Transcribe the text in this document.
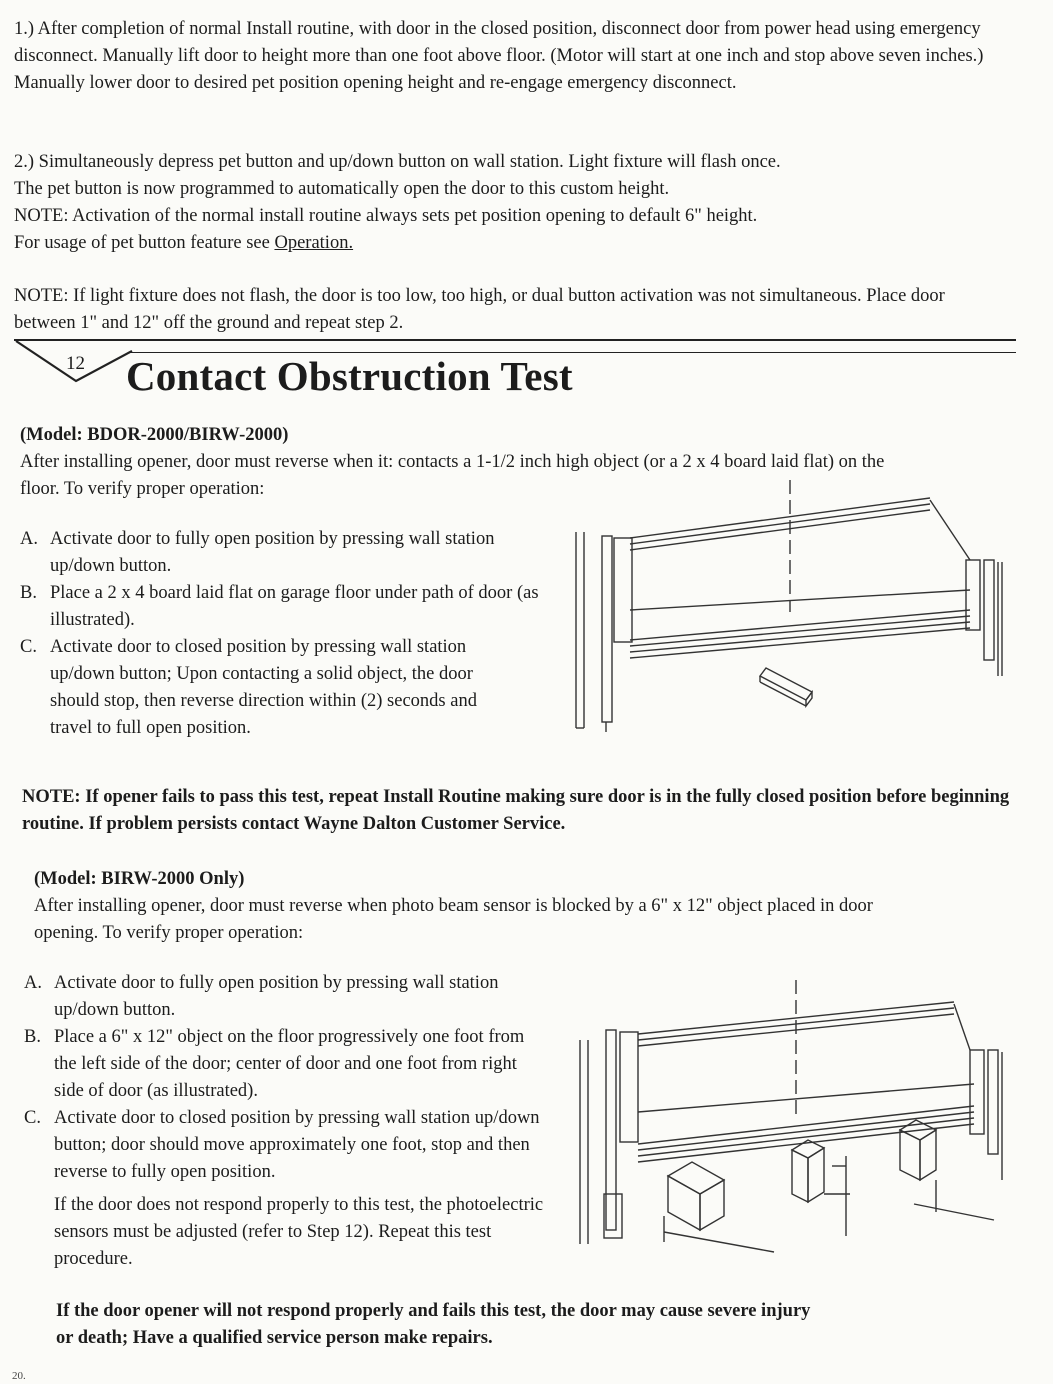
1.) After completion of normal Install routine, with door in the closed position, disconnect door from power head using emergency disconnect. Manually lift door to height more than one foot above floor. (Motor will start at one inch and stop above seven inches.) Manually lower door to desired pet position opening height and re-engage emergency disconnect.

2.) Simultaneously depress pet button and up/down button on wall station. Light fixture will flash once.

The pet button is now programmed to automatically open the door to this custom height.

NOTE: Activation of the normal install routine always sets pet position opening to default 6" height.

For usage of pet button feature see Operation.

NOTE: If light fixture does not flash, the door is too low, too high, or dual button activation was not simultaneous. Place door between 1" and 12" off the ground and repeat step 2.

12 Contact Obstruction Test

(Model: BDOR-2000/BIRW-2000)

After installing opener, door must reverse when it: contacts a 1-1/2 inch high object (or a 2 x 4 board laid flat) on the floor. To verify proper operation:

A. Activate door to fully open position by pressing wall station up/down button.
B. Place a 2 x 4 board laid flat on garage floor under path of door (as illustrated).
C. Activate door to closed position by pressing wall station up/down button; Upon contacting a solid object, the door should stop, then reverse direction within (2) seconds and travel to full open position.
NOTE: If opener fails to pass this test, repeat Install Routine making sure door is in the fully closed position before beginning routine. If problem persists contact Wayne Dalton Customer Service.

(Model: BIRW-2000 Only)

After installing opener, door must reverse when photo beam sensor is blocked by a 6" x 12" object placed in door opening. To verify proper operation:

A. Activate door to fully open position by pressing wall station up/down button.
B. Place a 6" x 12" object on the floor progressively one foot from the left side of the door; center of door and one foot from right side of door (as illustrated).
C. Activate door to closed position by pressing wall station up/down button; door should move approximately one foot, stop and then reverse to fully open position.
If the door does not respond properly to this test, the photoelectric sensors must be adjusted (refer to Step 12). Repeat this test procedure.
If the door opener will not respond properly and fails this test, the door may cause severe injury or death; Have a qualified service person make repairs.
20.
